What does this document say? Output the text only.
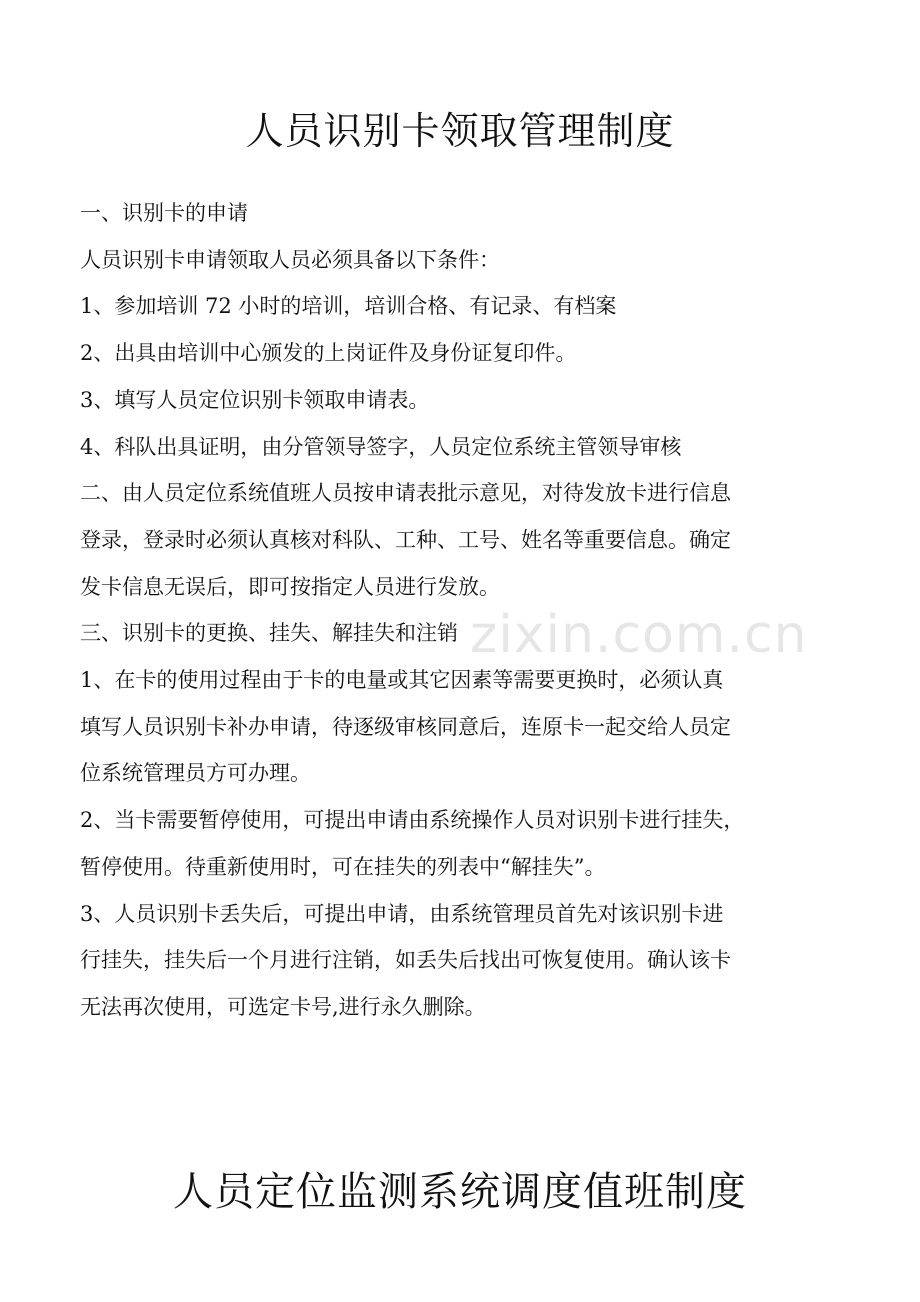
人员识别卡领取管理制度
一、识别卡的申请
人员识别卡申请领取人员必须具备以下条件：
1、参加培训 72 小时的培训，培训合格、有记录、有档案
2、出具由培训中心颁发的上岗证件及身份证复印件。
3、填写人员定位识别卡领取申请表。
4、科队出具证明，由分管领导签字，人员定位系统主管领导审核
二、由人员定位系统值班人员按申请表批示意见，对待发放卡进行信息
登录，登录时必须认真核对科队、工种、工号、姓名等重要信息。确定
发卡信息无误后，即可按指定人员进行发放。
三、识别卡的更换、挂失、解挂失和注销
1、在卡的使用过程由于卡的电量或其它因素等需要更换时，必须认真
填写人员识别卡补办申请，待逐级审核同意后，连原卡一起交给人员定
位系统管理员方可办理。
2、当卡需要暂停使用，可提出申请由系统操作人员对识别卡进行挂失，
暂停使用。待重新使用时，可在挂失的列表中“解挂失”。
3、人员识别卡丢失后，可提出申请，由系统管理员首先对该识别卡进
行挂失，挂失后一个月进行注销，如丢失后找出可恢复使用。确认该卡
无法再次使用，可选定卡号,进行永久删除。
zixin.com.cn
人员定位监测系统调度值班制度
